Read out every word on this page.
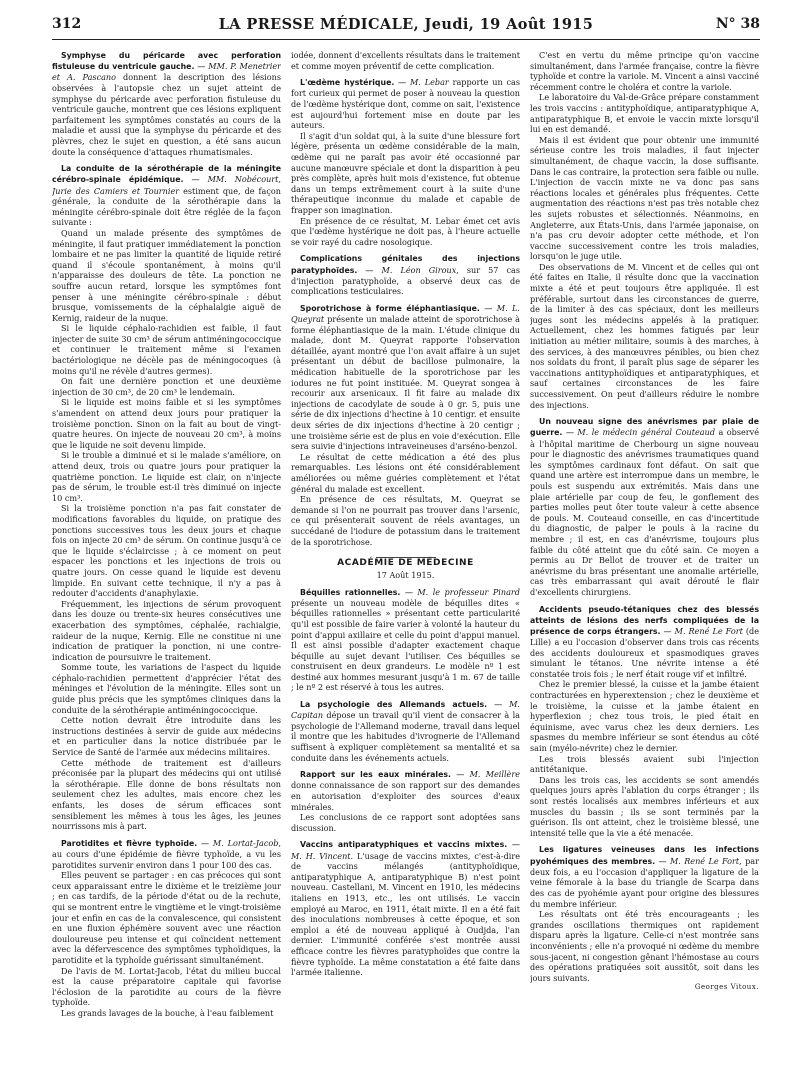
312	LA PRESSE MÉDICALE, Jeudi, 19 Août 1915	N° 38

Symphyse du péricarde avec perforation fistuleuse du ventricule gauche. — MM. P. Menetrier et A. Pascano donnent la description des lésions observées à l'autopsie chez un sujet atteint de symphyse du péricarde avec perforation fistuleuse du ventricule gauche, montrent que ces lésions expliquent parfaitement les symptômes constatés au cours de la maladie et aussi que la symphyse du péricarde et des plèvres, chez le sujet en question, a été sans aucun doute la conséquence d'attaques rhumatismales.

La conduite de la sérothérapie de la méningite cérébro-spinale épidémique. — MM. Nobécourt, Jurie des Camiers et Tournier estiment que, de façon générale, la conduite de la sérothérapie dans la méningite cérébro-spinale doit être réglée de la façon suivante :

Quand un malade présente des symptômes de méningite, il faut pratiquer immédiatement la ponction lombaire et ne pas limiter la quantité de liquide retiré quand il s'écoule spontanément, à moins qu'il n'apparaisse des douleurs de tête. La ponction ne souffre aucun retard, lorsque les symptômes font penser à une méningite cérébro-spinale : début brusque, vomissements de la céphalalgie aiguë de Kernig, raideur de la nuque.

Si le liquide céphalo-rachidien est faible, il faut injecter de suite 30 cm³ de sérum antiméningococcique et continuer le traitement même si l'examen bactériologique ne décèle pas de méningocoques (à moins qu'il ne révèle d'autres germes).

On fait une dernière ponction et une deuxième injection de 30 cm³, de 20 cm³ le lendemain.

Si le liquide est moins faible et si les symptômes s'amendent on attend deux jours pour pratiquer la troisième ponction. Sinon on la fait au bout de vingt-quatre heures. On injecte de nouveau 20 cm³, à moins que le liquide ne soit devenu limpide.

Si le trouble a diminué et si le malade s'améliore, on attend deux, trois ou quatre jours pour pratiquer la quatrième ponction. Le liquide est clair, on n'injecte pas de sérum, le trouble est-il très diminué on injecte 10 cm³.

Si la troisième ponction n'a pas fait constater de modifications favorables du liquide, on pratique des ponctions successives tous les deux jours et chaque fois on injecte 20 cm³ de sérum. On continue jusqu'à ce que le liquide s'éclaircisse ; à ce moment on peut espacer les ponctions et les injections de trois ou quatre jours. On cesse quand le liquide est devenu limpide. En suivant cette technique, il n'y a pas à redouter d'accidents d'anaphylaxie.

Fréquemment, les injections de sérum provoquent dans les douze ou trente-six heures consécutives une exacerbation des symptômes, céphalée, rachialgie, raideur de la nuque, Kernig. Elle ne constitue ni une indication de pratiquer la ponction, ni une contre-indication de poursuivre le traitement.

Somme toute, les variations de l'aspect du liquide céphalo-rachidien permettent d'apprécier l'état des méninges et l'évolution de la méningite. Elles sont un guide plus précis que les symptômes cliniques dans la conduite de la sérothérapie antiméningococcique.

Cette notion devrait être introduite dans les instructions destinées à servir de guide aux médecins et en particulier dans la notice distribuée par le Service de Santé de l'armée aux médecins militaires.

Cette méthode de traitement est d'ailleurs préconisée par la plupart des médecins qui ont utilisé la sérothérapie. Elle donne de bons résultats non seulement chez les adultes, mais encore chez les enfants, les doses de sérum efficaces sont sensiblement les mêmes à tous les âges, les jeunes nourrissons mis à part.

Parotidites et fièvre typhoïde. — M. Lortat-Jacob, au cours d'une épidémie de fièvre typhoïde, a vu les parotidites survenir environ dans 1 pour 100 des cas.

Elles peuvent se partager : en cas précoces qui sont ceux apparaissant entre le dixième et le treizième jour ; en cas tardifs, de la période d'état ou de la rechute, qui se montrent entre le vingtième et le vingt-troisième jour et enfin en cas de la convalescence, qui consistent en une fluxion éphémère souvent avec une réaction douloureuse peu intense et qui coïncident nettement avec la défervescence des symptômes typhoïdiques, la parotidite et la typhoïde guérissant simultanément.

De l'avis de M. Lortat-Jacob, l'état du milieu buccal est la cause préparatoire capitale qui favorise l'éclosion de la parotidite au cours de la fièvre typhoïde.

Les grands lavages de la bouche, à l'eau faiblement

iodée, donnent d'excellents résultats dans le traitement et comme moyen préventif de cette complication.

L'œdème hystérique. — M. Lebar rapporte un cas fort curieux qui permet de poser à nouveau la question de l'œdème hystérique dont, comme on sait, l'existence est aujourd'hui fortement mise en doute par les auteurs.

Il s'agit d'un soldat qui, à la suite d'une blessure fort légère, présenta un œdème considérable de la main, œdème qui ne paraît pas avoir été occasionné par aucune manœuvre spéciale et dont la disparition à peu près complète, après huit mois d'existence, fut obtenue dans un temps extrêmement court à la suite d'une thérapeutique inconnue du malade et capable de frapper son imagination.

En présence de ce résultat, M. Lebar émet cet avis que l'œdème hystérique ne doit pas, à l'heure actuelle se voir rayé du cadre nosologique.

Complications génitales des injections paratyphoïdes. — M. Léon Giroux, sur 57 cas d'injection paratyphoïde, a observé deux cas de complications testiculaires.

Sporotrichose à forme éléphantiasique. — M. L. Queyrat présente un malade atteint de sporotrichose à forme éléphantiasique de la main. L'étude clinique du malade, dont M. Queyrat rapporte l'observation détaillée, ayant montré que l'on avait affaire à un sujet présentant un début de bacillose pulmonaire, la médication habituelle de la sporotrichose par les iodures ne fut point instituée. M. Queyrat songea à recourir aux arsenicaux. Il fit faire au malade dix injections de cacodylate de soude à 0 gr. 5, puis une série de dix injections d'hectine à 10 centigr. et ensuite deux séries de dix injections d'hectine à 20 centigr ; une troisième série est de plus en voie d'exécution. Elle sera suivie d'injections intraveineuses d'arséno-benzol.

Le résultat de cette médication a été des plus remarquables. Les lésions ont été considérablement améliorées ou même guéries complètement et l'état général du malade est excellent.

En présence de ces résultats, M. Queyrat se demande si l'on ne pourrait pas trouver dans l'arsenic, ce qui présenterait souvent de réels avantages, un succédané de l'iodure de potassium dans le traitement de la sporotrichose.

ACADÉMIE DE MÉDECINE

17 Août 1915.

Béquilles rationnelles. — M. le professeur Pinard présente un nouveau modèle de béquilles dites « béquilles rationnelles » présentant cette particularité qu'il est possible de faire varier à volonté la hauteur du point d'appui axillaire et celle du point d'appui manuel. Il est ainsi possible d'adapter exactement chaque béquille au sujet devant l'utiliser. Ces béquilles se construisent en deux grandeurs. Le modèle nº 1 est destiné aux hommes mesurant jusqu'à 1 m. 67 de taille ; le nº 2 est réservé à tous les autres.

La psychologie des Allemands actuels. — M. Capitan dépose un travail qu'il vient de consacrer à la psychologie de l'Allemand moderne, travail dans lequel il montre que les habitudes d'ivrognerie de l'Allemand suffisent à expliquer complètement sa mentalité et sa conduite dans les événements actuels.

Rapport sur les eaux minérales. — M. Meillère donne connaissance de son rapport sur des demandes en autorisation d'exploiter des sources d'eaux minérales.

Les conclusions de ce rapport sont adoptées sans discussion.

Vaccins antiparatyphiques et vaccins mixtes. — M. H. Vincent. L'usage de vaccins mixtes, c'est-à-dire de vaccins mélangés (antityphoïdique, antiparatyphique A, antiparatyphique B) n'est point nouveau. Castellani, M. Vincent en 1910, les médecins italiens en 1913, etc., les ont utilisés. Le vaccin employé au Maroc, en 1911, était mixte. Il en a été fait des inoculations nombreuses à cette époque, et son emploi a été de nouveau appliqué à Oudjda, l'an dernier. L'immunité conférée s'est montrée aussi efficace contre les fièvres paratyphoïdes que contre la fièvre typhoïde. La même constatation a été faite dans l'armée italienne.

C'est en vertu du même principe qu'on vaccine simultanément, dans l'armée française, contre la fièvre typhoïde et contre la variole. M. Vincent a ainsi vacciné récemment contre le choléra et contre la variole.

Le laboratoire du Val-de-Grâce prépare constamment les trois vaccins : antityphoïdique, antiparatyphique A, antiparatyphique B, et envoie le vaccin mixte lorsqu'il lui en est demandé.

Mais il est évident que pour obtenir une immunité sérieuse contre les trois maladies, il faut injecter simultanément, de chaque vaccin, la dose suffisante. Dans le cas contraire, la protection sera faible ou nulle. L'injection de vaccin mixte ne va donc pas sans réactions locales et générales plus fréquentes. Cette augmentation des réactions n'est pas très notable chez les sujets robustes et sélectionnés. Néanmoins, en Angleterre, aux États-Unis, dans l'armée japonaise, on n'a pas cru devoir adopter cette méthode, et l'on vaccine successivement contre les trois maladies, lorsqu'on le juge utile.

Des observations de M. Vincent et de celles qui ont été faites en Italie, il résulte donc que la vaccination mixte a été et peut toujours être appliquée. Il est préférable, surtout dans les circonstances de guerre, de la limiter à des cas spéciaux, dont les meilleurs juges sont les médecins appelés à la pratiquer. Actuellement, chez les hommes fatigués par leur initiation au métier militaire, soumis à des marches, à des services, à des manœuvres pénibles, ou bien chez nos soldats du front, il paraît plus sage de séparer les vaccinations antityphoïdiques et antiparatyphiques, et sauf certaines circonstances de les faire successivement. On peut d'ailleurs réduire le nombre des injections.

Un nouveau signe des anévrismes par plaie de guerre. — M. le médecin général Couteaud a observé à l'hôpital maritime de Cherbourg un signe nouveau pour le diagnostic des anévrismes traumatiques quand les symptômes cardinaux font défaut. On sait que quand une artère est interrompue dans un membre, le pouls est suspendu aux extrémités. Mais dans une plaie artérielle par coup de feu, le gonflement des parties molles peut ôter toute valeur à cette absence de pouls. M. Couteaud conseille, en cas d'incertitude du diagnostic, de palper le pouls à la racine du membre ; il est, en cas d'anévrisme, toujours plus faible du côté atteint que du côté sain. Ce moyen a permis au Dr Bellot de trouver et de traiter un anévrisme du bras présentant une anomalie artérielle, cas très embarrassant qui avait dérouté le flair d'excellents chirurgiens.

Accidents pseudo-tétaniques chez des blessés atteints de lésions des nerfs compliquées de la présence de corps étrangers. — M. René Le Fort (de Lille) a eu l'occasion d'observer dans trois cas récents des accidents douloureux et spasmodiques graves simulant le tétanos. Une névrite intense a été constatée trois fois ; le nerf était rouge vif et infiltré.

Chez le premier blessé, la cuisse et la jambe étaient contracturées en hyperextension ; chez le deuxième et le troisième, la cuisse et la jambe étaient en hyperflexion ; chez tous trois, le pied était en équinisme, avec varus chez les deux derniers. Les spasmes du membre inférieur se sont étendus au côté sain (myélo-névrite) chez le dernier.

Les trois blessés avaient subi l'injection antitétanique.

Dans les trois cas, les accidents se sont amendés quelques jours après l'ablation du corps étranger ; ils sont restés localisés aux membres inférieurs et aux muscles du bassin ; ils se sont terminés par la guérison. Ils ont atteint, chez le troisième blessé, une intensité telle que la vie a été menacée.

Les ligatures veineuses dans les infections pyohémiques des membres. — M. René Le Fort, par deux fois, a eu l'occasion d'appliquer la ligature de la veine fémorale à la base du triangle de Scarpa dans des cas de pyohémie ayant pour origine des blessures du membre inférieur.

Les résultats ont été très encourageants ; les grandes oscillations thermiques ont rapidement disparu après la ligature. Celle-ci n'est montrée sans inconvénients ; elle n'a provoqué ni œdème du membre sous-jacent, ni congestion gênant l'hémostase au cours des opérations pratiquées soit aussitôt, soit dans les jours suivants.

Georges Vitoux.
